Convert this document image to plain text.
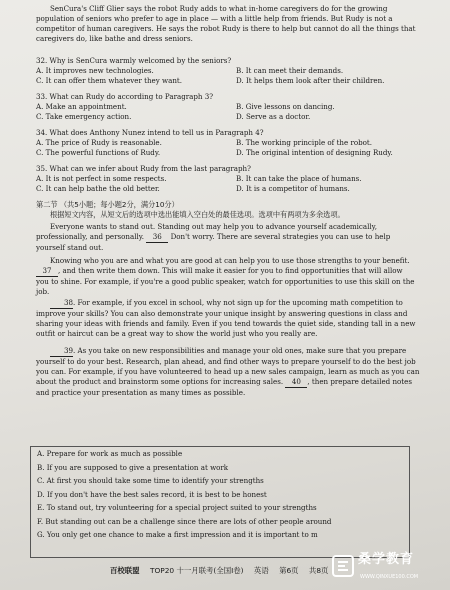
SenCura's Cliff Glier says the robot Rudy adds to what in-home caregivers do for the growing

population of seniors who prefer to age in place — with a little help from friends. But Rudy is not a

competitor of human caregivers. He says the robot Rudy is there to help but cannot do all the things that

caregivers do, like bathe and dress seniors.

32. Why is SenCura warmly welcomed by the seniors?

A. It improves new technologies.	B. It can meet their demands.
C. It can offer them whatever they want.	D. It helps them look after their children.

33. What can Rudy do according to Paragraph 3?

A. Make an appointment.	B. Give lessons on dancing.
C. Take emergency action.	D. Serve as a doctor.

34. What does Anthony Nunez intend to tell us in Paragraph 4?

A. The price of Rudy is reasonable.	B. The working principle of the robot.
C. The powerful functions of Rudy.	D. The original intention of designing Rudy.

35. What can we infer about Rudy from the last paragraph?

A. It is not perfect in some respects.	B. It can take the place of humans.
C. It can help bathe the old better.	D. It is a competitor of humans.

第二节 （共5小题；每小题2分，满分10分）

根据短文内容，从短文后的选项中选出能填入空白处的最佳选项。选项中有两项为多余选项。

Everyone wants to stand out. Standing out may help you to advance yourself academically,

professionally, and personally. 36 Don't worry. There are several strategies you can use to help

yourself stand out.

Knowing who you are and what you are good at can help you to use those strengths to your benefit.

37 , and then write them down. This will make it easier for you to find opportunities that will allow

you to shine. For example, if you're a good public speaker, watch for opportunities to use this skill on the

job.

38. For example, if you excel in school, why not sign up for the upcoming math competition to

improve your skills? You can also demonstrate your unique insight by answering questions in class and

sharing your ideas with friends and family. Even if you tend towards the quiet side, standing tall in a new

outfit or haircut can be a great way to show the world just who you really are.

39. As you take on new responsibilities and manage your old ones, make sure that you prepare

yourself to do your best. Research, plan ahead, and find other ways to prepare yourself to do the best job

you can. For example, if you have volunteered to head up a new sales campaign, learn as much as you can

about the product and brainstorm some options for increasing sales. 40 , then prepare detailed notes

and practice your presentation as many times as possible.

A. Prepare for work as much as possible

B. If you are supposed to give a presentation at work

C. At first you should take some time to identify your strengths

D. If you don't have the best sales record, it is best to be honest

E. To stand out, try volunteering for a special project suited to your strengths

F. But standing out can be a challenge since there are lots of other people around

G. You only get one chance to make a first impression and it is important to m

百校联盟 TOP20 十一月联考(全国Ⅰ卷) 英语 第6页 共8页
桑学教育
WWW.QINXUE100.COM
